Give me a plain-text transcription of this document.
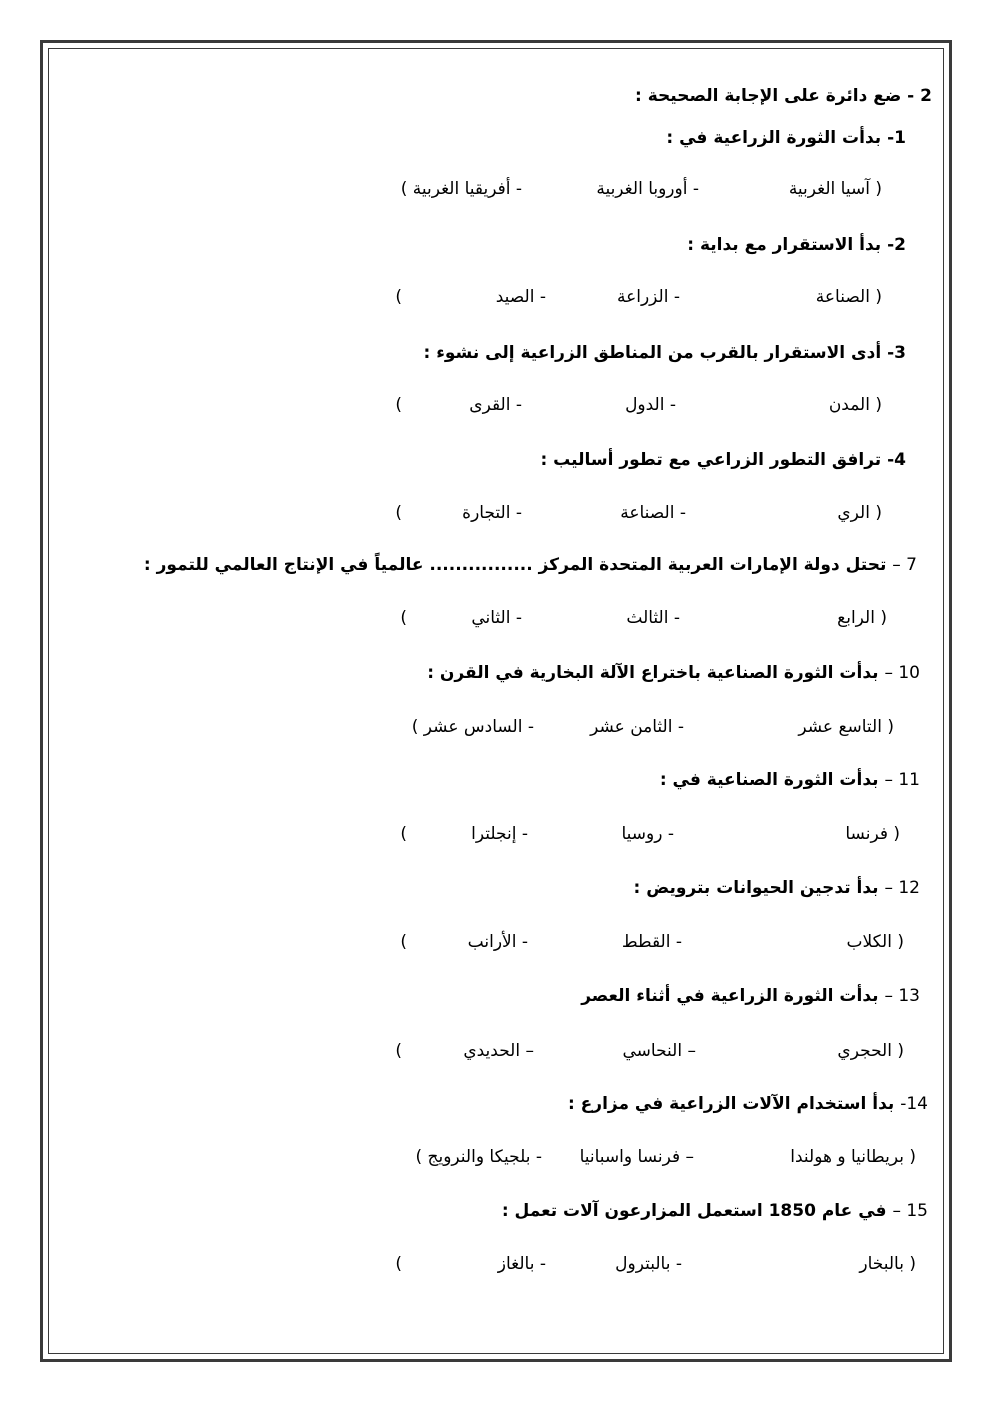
2 - ضع دائرة على الإجابة الصحيحة :
1- بدأت الثورة الزراعية في :
( آسيا الغربية
- أوروبا الغربية
- أفريقيا الغربية )
2- بدأ الاستقرار مع بداية :
( الصناعة
- الزراعة
- الصيد
)
3- أدى الاستقرار بالقرب من المناطق الزراعية إلى نشوء :
( المدن
- الدول
- القرى
)
4- ترافق التطور الزراعي مع تطور أساليب :
( الري
- الصناعة
- التجارة
)
7 – تحتل دولة الإمارات العربية المتحدة المركز ................ عالمياً في الإنتاج العالمي للتمور :
( الرابع
- الثالث
- الثاني
)
10 – بدأت الثورة الصناعية باختراع الآلة البخارية في القرن :
( التاسع عشر
- الثامن عشر
- السادس عشر )
11 – بدأت الثورة الصناعية في :
( فرنسا
- روسيا
- إنجلترا
)
12 – بدأ تدجين الحيوانات بترويض :
( الكلاب
- القطط
- الأرانب
)
13 – بدأت الثورة الزراعية في أثناء العصر
( الحجري
– النحاسي
– الحديدي
)
14- بدأ استخدام الآلات الزراعية في مزارع :
( بريطانيا و هولندا
– فرنسا واسبانيا
- بلجيكا والنرويج )
15 – في عام 1850 استعمل المزارعون آلات تعمل :
( بالبخار
- بالبترول
- بالغاز
)
